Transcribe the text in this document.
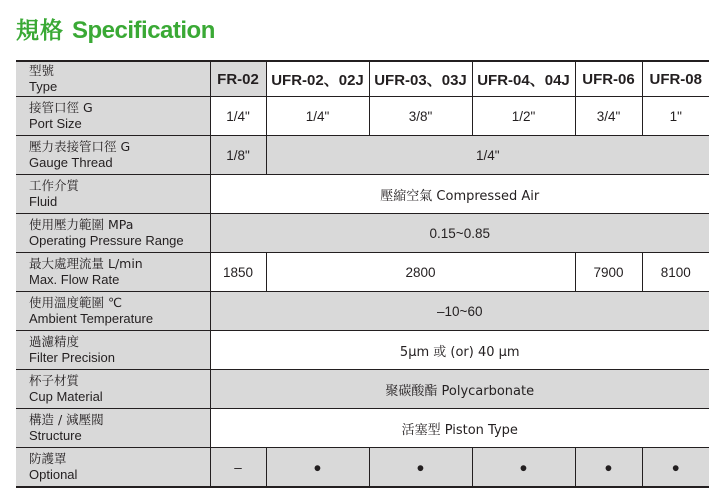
規格 Specification
型號
Type	FR-02	UFR-02、02J	UFR-03、03J	UFR-04、04J	UFR-06	UFR-08

接管口徑 G
Port Size	1/4"	1/4"	3/8"	1/2"	3/4"	1"

壓力表接管口徑 G
Gauge Thread	1/8"	1/4"				

工作介質
Fluid	壓縮空氣 Compressed Air					

使用壓力範圍 MPa
Operating Pressure Range	0.15~0.85					

最大處理流量 L/min
Max. Flow Rate	1850	2800			7900	8100

使用溫度範圍 ℃
Ambient Temperature	–10~60					

過濾精度
Filter Precision	5μm 或 (or) 40 μm					

杯子材質
Cup Material	聚碳酸酯 Polycarbonate					

構造 / 減壓閥
Structure	活塞型 Piston Type					

防護罩
Optional	–	●	●	●	●	●
